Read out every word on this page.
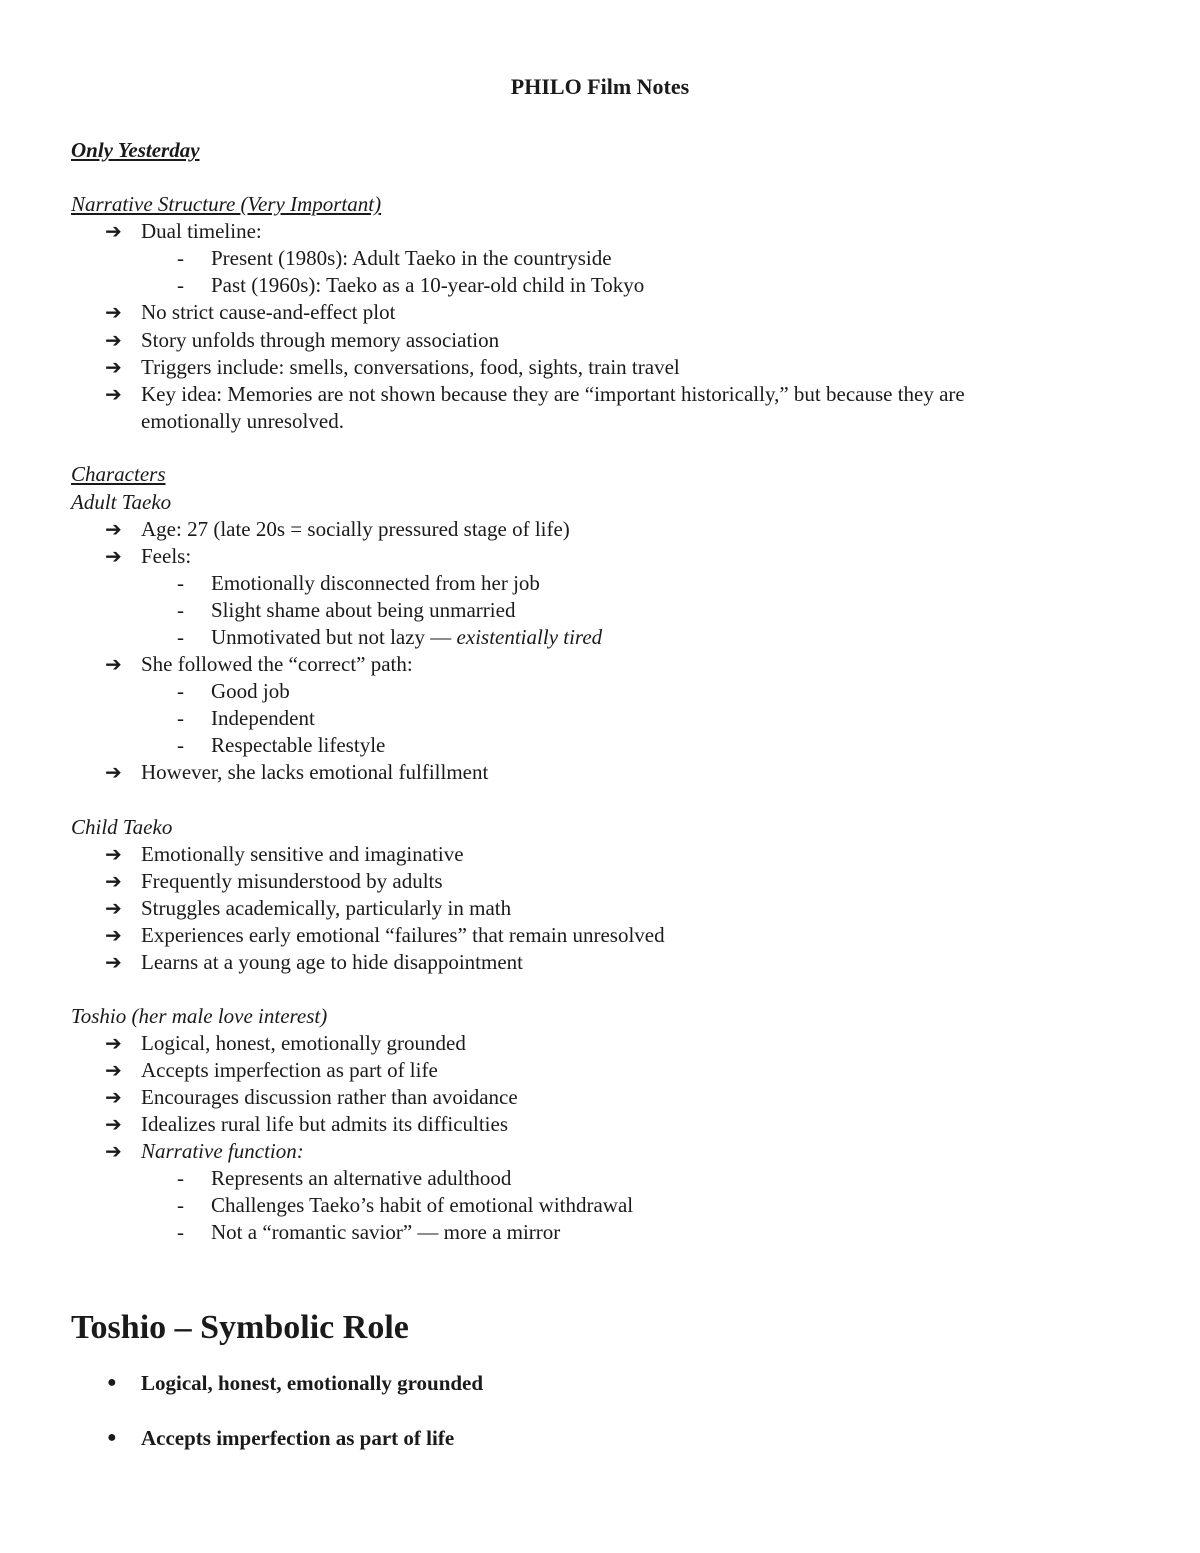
PHILO Film Notes
Only Yesterday
Narrative Structure (Very Important)
➔ Dual timeline:
- Present (1980s): Adult Taeko in the countryside
- Past (1960s): Taeko as a 10-year-old child in Tokyo
➔ No strict cause-and-effect plot
➔ Story unfolds through memory association
➔ Triggers include: smells, conversations, food, sights, train travel
➔ Key idea: Memories are not shown because they are “important historically,” but because they are
emotionally unresolved.
Characters
Adult Taeko
➔ Age: 27 (late 20s = socially pressured stage of life)
➔ Feels:
- Emotionally disconnected from her job
- Slight shame about being unmarried
- Unmotivated but not lazy — existentially tired
➔ She followed the “correct” path:
- Good job
- Independent
- Respectable lifestyle
➔ However, she lacks emotional fulfillment
Child Taeko
➔ Emotionally sensitive and imaginative
➔ Frequently misunderstood by adults
➔ Struggles academically, particularly in math
➔ Experiences early emotional “failures” that remain unresolved
➔ Learns at a young age to hide disappointment
Toshio (her male love interest)
➔ Logical, honest, emotionally grounded
➔ Accepts imperfection as part of life
➔ Encourages discussion rather than avoidance
➔ Idealizes rural life but admits its difficulties
➔ Narrative function:
- Represents an alternative adulthood
- Challenges Taeko’s habit of emotional withdrawal
- Not a “romantic savior” — more a mirror
Toshio – Symbolic Role
● Logical, honest, emotionally grounded
● Accepts imperfection as part of life
